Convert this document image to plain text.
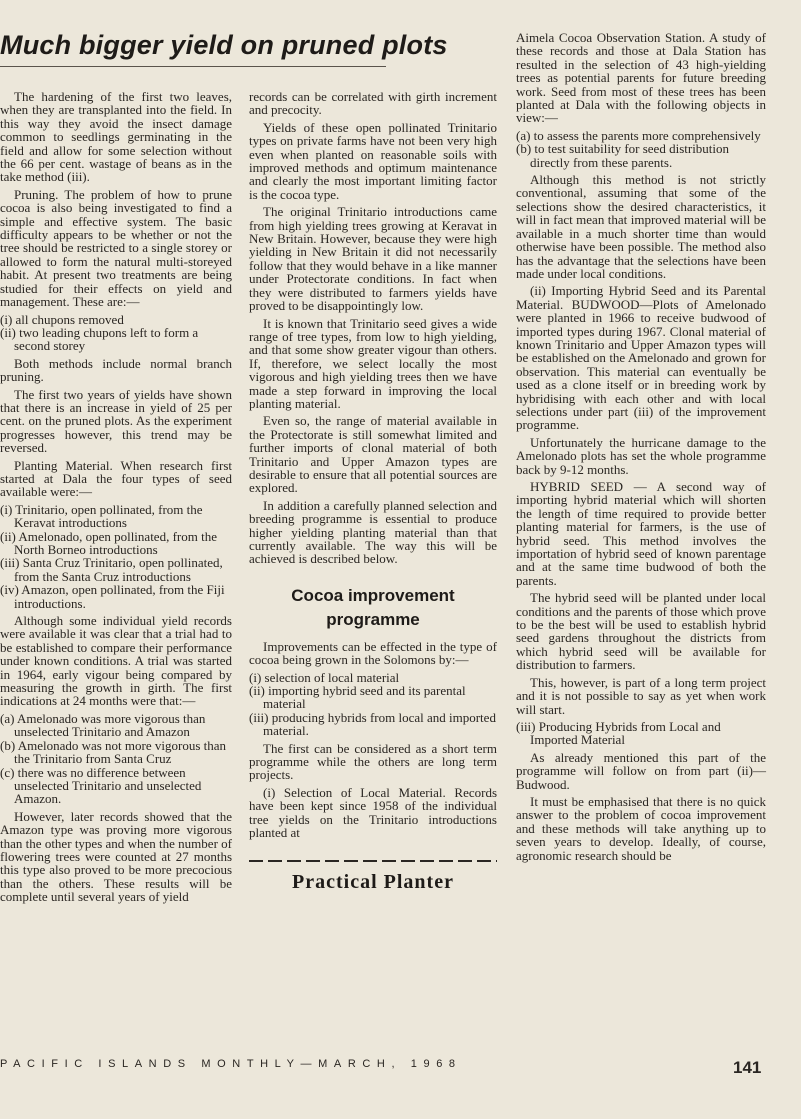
Much bigger yield on pruned plots

The hardening of the first two leaves, when they are transplanted into the field. In this way they avoid the insect damage common to seedlings germinating in the field and allow for some selection without the 66 per cent. wastage of beans as in the take method (iii).

Pruning. The problem of how to prune cocoa is also being investigated to find a simple and effective system. The basic difficulty appears to be whether or not the tree should be restricted to a single storey or allowed to form the natural multi-storeyed habit. At present two treatments are being studied for their effects on yield and management. These are:—

(i) all chupons removed

(ii) two leading chupons left to form a second storey

Both methods include normal branch pruning.

The first two years of yields have shown that there is an increase in yield of 25 per cent. on the pruned plots. As the experiment progresses however, this trend may be reversed.

Planting Material. When research first started at Dala the four types of seed available were:—

(i) Trinitario, open pollinated, from the Keravat introductions

(ii) Amelonado, open pollinated, from the North Borneo introductions

(iii) Santa Cruz Trinitario, open pollinated, from the Santa Cruz introductions

(iv) Amazon, open pollinated, from the Fiji introductions.

Although some individual yield records were available it was clear that a trial had to be established to compare their performance under known conditions. A trial was started in 1964, early vigour being compared by measuring the growth in girth. The first indications at 24 months were that:—

(a) Amelonado was more vigorous than unselected Trinitario and Amazon

(b) Amelonado was not more vigorous than the Trinitario from Santa Cruz

(c) there was no difference between unselected Trinitario and unselected Amazon.

However, later records showed that the Amazon type was proving more vigorous than the other types and when the number of flowering trees were counted at 27 months this type also proved to be more precocious than the others. These results will be complete until several years of yield

records can be correlated with girth increment and precocity.

Yields of these open pollinated Trinitario types on private farms have not been very high even when planted on reasonable soils with improved methods and optimum maintenance and clearly the most important limiting factor is the cocoa type.

The original Trinitario introductions came from high yielding trees growing at Keravat in New Britain. However, because they were high yielding in New Britain it did not necessarily follow that they would behave in a like manner under Protectorate conditions. In fact when they were distributed to farmers yields have proved to be disappointingly low.

It is known that Trinitario seed gives a wide range of tree types, from low to high yielding, and that some show greater vigour than others. If, therefore, we select locally the most vigorous and high yielding trees then we have made a step forward in improving the local planting material.

Even so, the range of material available in the Protectorate is still somewhat limited and further imports of clonal material of both Trinitario and Upper Amazon types are desirable to ensure that all potential sources are explored.

In addition a carefully planned selection and breeding programme is essential to produce higher yielding planting material than that currently available. The way this will be achieved is described below.

Cocoa improvement
programme

Improvements can be effected in the type of cocoa being grown in the Solomons by:—

(i) selection of local material

(ii) importing hybrid seed and its parental material

(iii) producing hybrids from local and imported material.

The first can be considered as a short term programme while the others are long term projects.

(i) Selection of Local Material. Records have been kept since 1958 of the individual tree yields on the Trinitario introductions planted at

Practical Planter

Aimela Cocoa Observation Station. A study of these records and those at Dala Station has resulted in the selection of 43 high-yielding trees as potential parents for future breeding work. Seed from most of these trees has been planted at Dala with the following objects in view:—

(a) to assess the parents more comprehensively

(b) to test suitability for seed distribution directly from these parents.

Although this method is not strictly conventional, assuming that some of the selections show the desired characteristics, it will in fact mean that improved material will be available in a much shorter time than would otherwise have been possible. The method also has the advantage that the selections have been made under local conditions.

(ii) Importing Hybrid Seed and its Parental Material. BUDWOOD—Plots of Amelonado were planted in 1966 to receive budwood of imported types during 1967. Clonal material of known Trinitario and Upper Amazon types will be established on the Amelonado and grown for observation. This material can eventually be used as a clone itself or in breeding work by hybridising with each other and with local selections under part (iii) of the improvement programme.

Unfortunately the hurricane damage to the Amelonado plots has set the whole programme back by 9-12 months.

HYBRID SEED — A second way of importing hybrid material which will shorten the length of time required to provide better planting material for farmers, is the use of hybrid seed. This method involves the importation of hybrid seed of known parentage and at the same time budwood of both the parents.

The hybrid seed will be planted under local conditions and the parents of those which prove to be the best will be used to establish hybrid seed gardens throughout the districts from which hybrid seed will be available for distribution to farmers.

This, however, is part of a long term project and it is not possible to say as yet when work will start.

(iii) Producing Hybrids from Local and Imported Material

As already mentioned this part of the programme will follow on from part (ii)—Budwood.

It must be emphasised that there is no quick answer to the problem of cocoa improvement and these methods will take anything up to seven years to develop. Ideally, of course, agronomic research should be

PACIFIC ISLANDS MONTHLY—MARCH, 1968	141
